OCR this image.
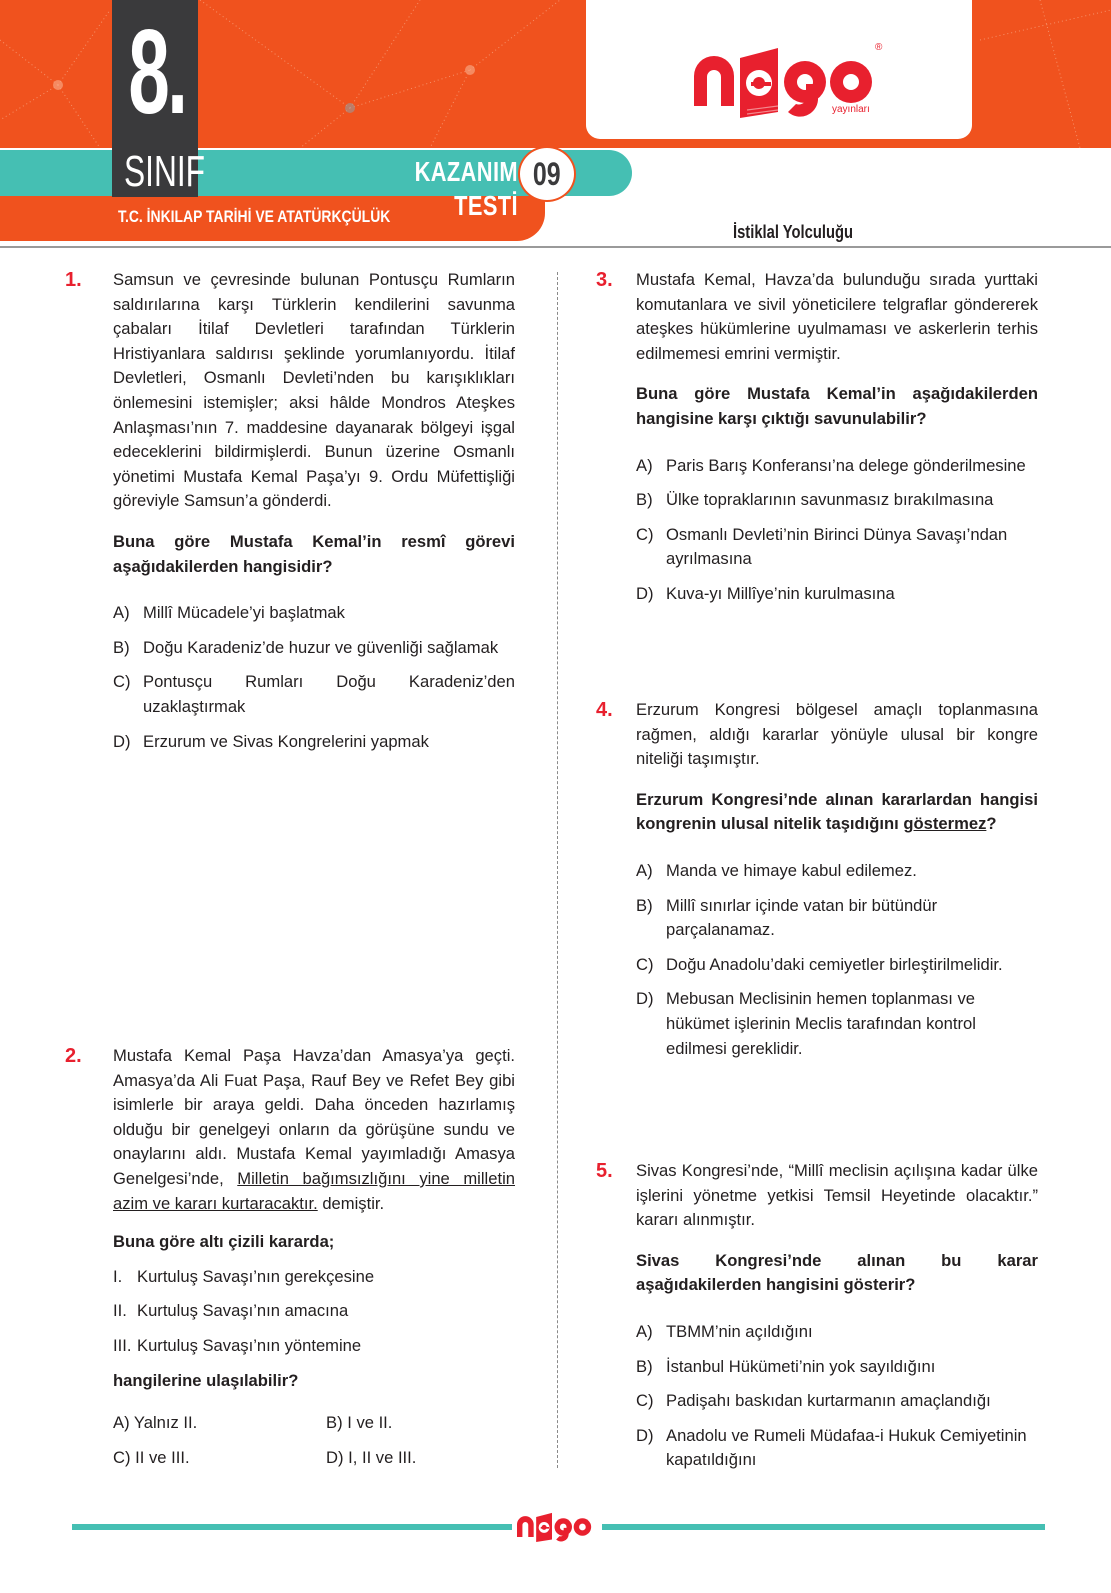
yayınları
®
8.
SINIF	KAZANIM TESTİ
09
T.C. İNKILAP TARİHİ VE ATATÜRKÇÜLÜK
İstiklal Yolculuğu
1. Samsun ve çevresinde bulunan Pontusçu Rumların saldırılarına karşı Türklerin kendilerini savunma çabaları İtilaf Devletleri tarafından Türklerin Hristiyanlara saldırısı şeklinde yorumlanıyordu. İtilaf Devletleri, Osmanlı Devleti’nden bu karışıklıkları önlemesini istemişler; aksi hâlde Mondros Ateşkes Anlaşması’nın 7. maddesine dayanarak bölgeyi işgal edeceklerini bildirmişlerdi. Bunun üzerine Osmanlı yönetimi Mustafa Kemal Paşa’yı 9. Ordu Müfettişliği göreviyle Samsun’a gönderdi.

Buna göre Mustafa Kemal’in resmî görevi aşağıdakilerden hangisidir?

A) Millî Mücadele’yi başlatmak
B) Doğu Karadeniz’de huzur ve güvenliği sağlamak
C) Pontusçu Rumları Doğu Karadeniz’den uzaklaştırmak
D) Erzurum ve Sivas Kongrelerini yapmak
2. Mustafa Kemal Paşa Havza’dan Amasya’ya geçti. Amasya’da Ali Fuat Paşa, Rauf Bey ve Refet Bey gibi isimlerle bir araya geldi. Daha önceden hazırlamış olduğu bir genelgeyi onların da görüşüne sundu ve onaylarını aldı. Mustafa Kemal yayımladığı Amasya Genelgesi’nde, Milletin bağımsızlığını yine milletin azim ve kararı kurtaracaktır. demiştir.

Buna göre altı çizili kararda;

I. Kurtuluş Savaşı’nın gerekçesine
II. Kurtuluş Savaşı’nın amacına
III. Kurtuluş Savaşı’nın yöntemine

hangilerine ulaşılabilir?

A) Yalnız II.	B) I ve II.
C) II ve III.	D) I, II ve III.
3. Mustafa Kemal, Havza’da bulunduğu sırada yurttaki komutanlara ve sivil yöneticilere telgraflar göndererek ateşkes hükümlerine uyulmaması ve askerlerin terhis edilmemesi emrini vermiştir.

Buna göre Mustafa Kemal’in aşağıdakilerden hangisine karşı çıktığı savunulabilir?

A) Paris Barış Konferansı’na delege gönderilmesine
B) Ülke topraklarının savunmasız bırakılmasına
C) Osmanlı Devleti’nin Birinci Dünya Savaşı’ndan ayrılmasına
D) Kuva-yı Millîye’nin kurulmasına
4. Erzurum Kongresi bölgesel amaçlı toplanmasına rağmen, aldığı kararlar yönüyle ulusal bir kongre niteliği taşımıştır.

Erzurum Kongresi’nde alınan kararlardan hangisi kongrenin ulusal nitelik taşıdığını göstermez?

A) Manda ve himaye kabul edilemez.
B) Millî sınırlar içinde vatan bir bütündür parçalanamaz.
C) Doğu Anadolu’daki cemiyetler birleştirilmelidir.
D) Mebusan Meclisinin hemen toplanması ve hükümet işlerinin Meclis tarafından kontrol edilmesi gereklidir.
5. Sivas Kongresi’nde, “Millî meclisin açılışına kadar ülke işlerini yönetme yetkisi Temsil Heyetinde olacaktır.” kararı alınmıştır.

Sivas Kongresi’nde alınan bu karar aşağıdakilerden hangisini gösterir?

A) TBMM’nin açıldığını
B) İstanbul Hükümeti’nin yok sayıldığını
C) Padişahı baskıdan kurtarmanın amaçlandığı
D) Anadolu ve Rumeli Müdafaa-i Hukuk Cemiyetinin kapatıldığını
